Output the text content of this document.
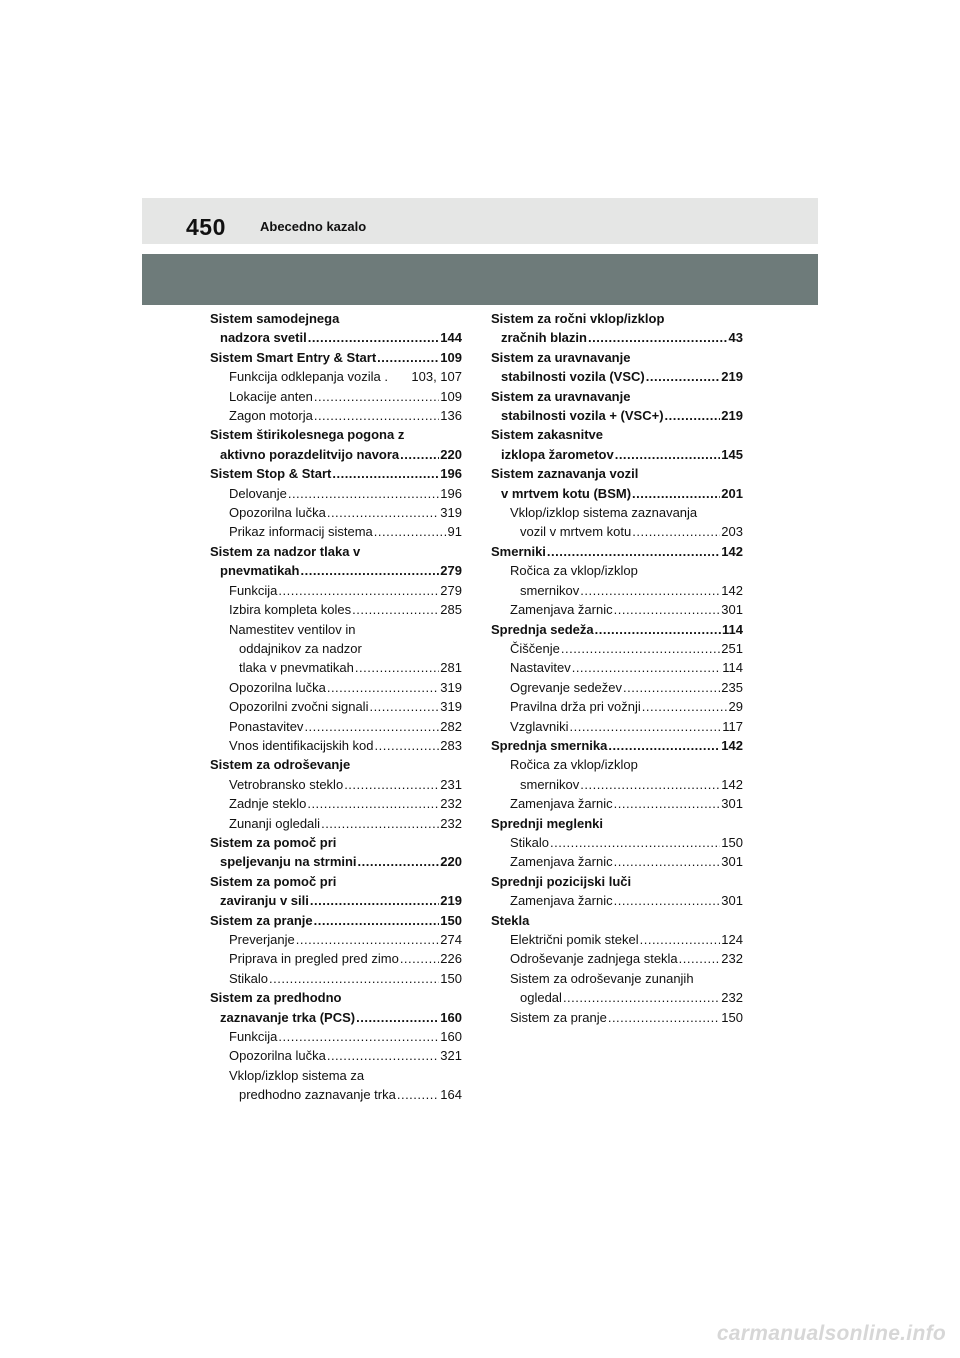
450	Abecedno kazalo
Sistem samodejnega
nadzora svetil .....	144
Sistem Smart Entry & Start .....	109
Funkcija odklepanja vozila . 103, 107
Lokacije anten .....	109
Zagon motorja .....	136
Sistem štirikolesnega pogona z
aktivno porazdelitvijo navora .....	220
Sistem Stop & Start .....	196
Delovanje .....	196
Opozorilna lučka .....	319
Prikaz informacij sistema .....	91
Sistem za nadzor tlaka v
pnevmatikah .....	279
Funkcija .....	279
Izbira kompleta koles .....	285
Namestitev ventilov in
oddajnikov za nadzor
tlaka v pnevmatikah .....	281
Opozorilna lučka .....	319
Opozorilni zvočni signali .....	319
Ponastavitev .....	282
Vnos identifikacijskih kod .....	283
Sistem za odroševanje
Vetrobransko steklo .....	231
Zadnje steklo .....	232
Zunanji ogledali .....	232
Sistem za pomoč pri
speljevanju na strmini .....	220
Sistem za pomoč pri
zaviranju v sili .....	219
Sistem za pranje .....	150
Preverjanje .....	274
Priprava in pregled pred zimo .....	226
Stikalo .....	150
Sistem za predhodno
zaznavanje trka (PCS) .....	160
Funkcija .....	160
Opozorilna lučka .....	321
Vklop/izklop sistema za
predhodno zaznavanje trka .....	164
Sistem za ročni vklop/izklop
zračnih blazin .....	43
Sistem za uravnavanje
stabilnosti vozila (VSC) .....	219
Sistem za uravnavanje
stabilnosti vozila + (VSC+) .....	219
Sistem zakasnitve
izklopa žarometov .....	145
Sistem zaznavanja vozil
v mrtvem kotu (BSM) .....	201
Vklop/izklop sistema zaznavanja
vozil v mrtvem kotu .....	203
Smerniki .....	142
Ročica za vklop/izklop
smernikov .....	142
Zamenjava žarnic .....	301
Sprednja sedeža .....	114
Čiščenje .....	251
Nastavitev .....	114
Ogrevanje sedežev .....	235
Pravilna drža pri vožnji .....	29
Vzglavniki .....	117
Sprednja smernika .....	142
Ročica za vklop/izklop
smernikov .....	142
Zamenjava žarnic .....	301
Sprednji meglenki
Stikalo .....	150
Zamenjava žarnic .....	301
Sprednji pozicijski luči
Zamenjava žarnic .....	301
Stekla
Električni pomik stekel .....	124
Odroševanje zadnjega stekla .....	232
Sistem za odroševanje zunanjih
ogledal .....	232
Sistem za pranje .....	150
carmanualsonline.info
